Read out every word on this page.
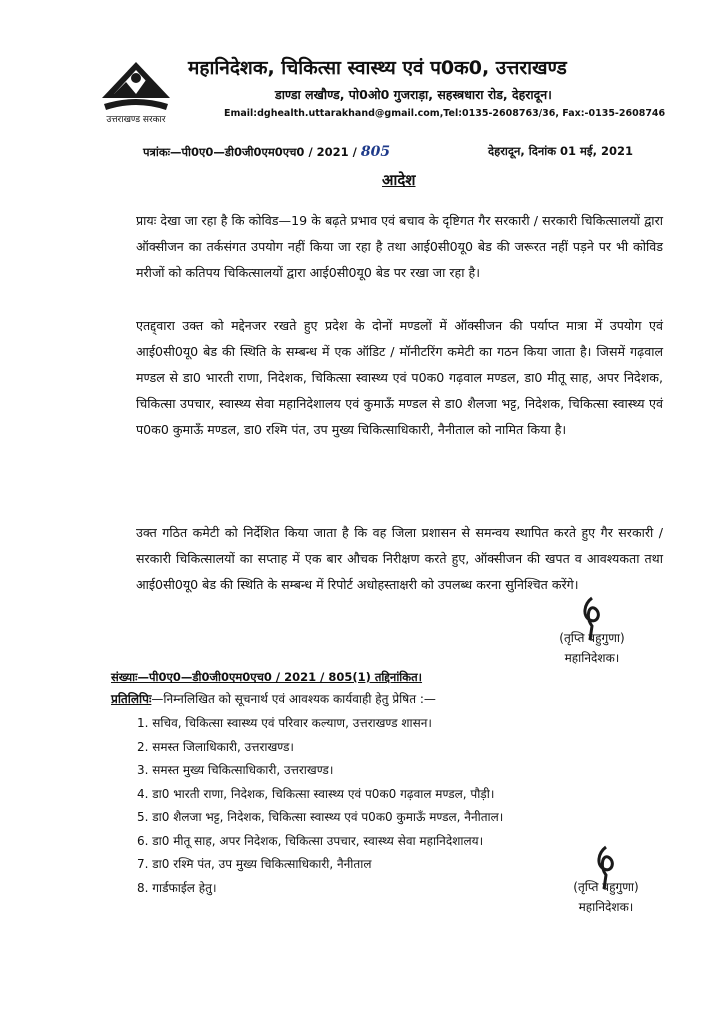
उत्तराखण्ड सरकार
महानिदेशक, चिकित्सा स्वास्थ्य एवं प0क0, उत्तराखण्ड
डाण्डा लखौण्ड, पो0ओ0 गुजराड़ा, सहस्त्रधारा रोड, देहरादून।
Email:dghealth.uttarakhand@gmail.com,Tel:0135-2608763/36, Fax:-0135-2608746
पत्रांकः—पी0ए0—डी0जी0एम0एच0 / 2021 / 805	देहरादून, दिनांक 01 मई, 2021
आदेश
प्रायः देखा जा रहा है कि कोविड—19 के बढ़ते प्रभाव एवं बचाव के दृष्टिगत गैर सरकारी / सरकारी चिकित्सालयों द्वारा ऑक्सीजन का तर्कसंगत उपयोग नहीं किया जा रहा है तथा आई0सी0यू0 बेड की जरूरत नहीं पड़ने पर भी कोविड मरीजों को कतिपय चिकित्सालयों द्वारा आई0सी0यू0 बेड पर रखा जा रहा है।
एतद्द्वारा उक्त को मद्देनजर रखते हुए प्रदेश के दोनों मण्डलों में ऑक्सीजन की पर्याप्त मात्रा में उपयोग एवं आई0सी0यू0 बेड की स्थिति के सम्बन्ध में एक ऑडिट / मॉनीटरिंग कमेटी का गठन किया जाता है। जिसमें गढ़वाल मण्डल से डा0 भारती राणा, निदेशक, चिकित्सा स्वास्थ्य एवं प0क0 गढ़वाल मण्डल, डा0 मीतू साह, अपर निदेशक, चिकित्सा उपचार, स्वास्थ्य सेवा महानिदेशालय एवं कुमाऊँ मण्डल से डा0 शैलजा भट्ट, निदेशक, चिकित्सा स्वास्थ्य एवं प0क0 कुमाऊँ मण्डल, डा0 रश्मि पंत, उप मुख्य चिकित्साधिकारी, नैनीताल को नामित किया है।
उक्त गठित कमेटी को निर्देशित किया जाता है कि वह जिला प्रशासन से समन्वय स्थापित करते हुए गैर सरकारी / सरकारी चिकित्सालयों का सप्ताह में एक बार औचक निरीक्षण करते हुए, ऑक्सीजन की खपत व आवश्यकता तथा आई0सी0यू0 बेड की स्थिति के सम्बन्ध में रिपोर्ट अधोहस्ताक्षरी को उपलब्ध करना सुनिश्चित करेंगे।
(तृप्ति बहुगुणा)
महानिदेशक।
संख्याः—पी0ए0—डी0जी0एम0एच0 / 2021 / 805(1) तद्दिनांकित।
प्रतिलिपिः—निम्नलिखित को सूचनार्थ एवं आवश्यक कार्यवाही हेतु प्रेषित :—
1. सचिव, चिकित्सा स्वास्थ्य एवं परिवार कल्याण, उत्तराखण्ड शासन।
2. समस्त जिलाधिकारी, उत्तराखण्ड।
3. समस्त मुख्य चिकित्साधिकारी, उत्तराखण्ड।
4. डा0 भारती राणा, निदेशक, चिकित्सा स्वास्थ्य एवं प0क0 गढ़वाल मण्डल, पौड़ी।
5. डा0 शैलजा भट्ट, निदेशक, चिकित्सा स्वास्थ्य एवं प0क0 कुमाऊँ मण्डल, नैनीताल।
6. डा0 मीतू साह, अपर निदेशक, चिकित्सा उपचार, स्वास्थ्य सेवा महानिदेशालय।
7. डा0 रश्मि पंत, उप मुख्य चिकित्साधिकारी, नैनीताल
8. गार्डफाईल हेतु।	(तृप्ति बहुगुणा)
महानिदेशक।
